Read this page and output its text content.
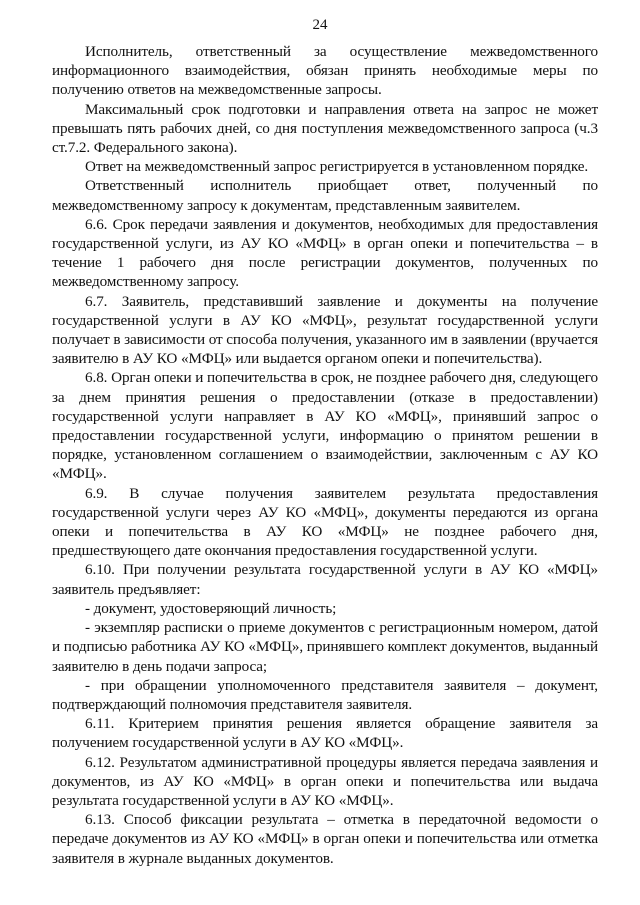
24

Исполнитель, ответственный за осуществление межведомственного информационного взаимодействия, обязан принять необходимые меры по получению ответов на межведомственные запросы.

Максимальный срок подготовки и направления ответа на запрос не может превышать пять рабочих дней, со дня поступления межведомственного запроса (ч.3 ст.7.2. Федерального закона).

Ответ на межведомственный запрос регистрируется в установленном порядке.

Ответственный исполнитель приобщает ответ, полученный по межведомственному запросу к документам, представленным заявителем.

6.6. Срок передачи заявления и документов, необходимых для предоставления государственной услуги, из АУ КО «МФЦ» в орган опеки и попечительства – в течение 1 рабочего дня после регистрации документов, полученных по межведомственному запросу.

6.7. Заявитель, представивший заявление и документы на получение государственной услуги в АУ КО «МФЦ», результат государственной услуги получает в зависимости от способа получения, указанного им в заявлении (вручается заявителю в АУ КО «МФЦ» или выдается органом опеки и попечительства).

6.8. Орган опеки и попечительства в срок, не позднее рабочего дня, следующего за днем принятия решения о предоставлении (отказе в предоставлении) государственной услуги направляет в АУ КО «МФЦ», принявший запрос о предоставлении государственной услуги, информацию о принятом решении в порядке, установленном соглашением о взаимодействии, заключенным с АУ КО «МФЦ».

6.9. В случае получения заявителем результата предоставления государственной услуги через АУ КО «МФЦ», документы передаются из органа опеки и попечительства в АУ КО «МФЦ» не позднее рабочего дня, предшествующего дате окончания предоставления государственной услуги.

6.10. При получении результата государственной услуги в АУ КО «МФЦ» заявитель предъявляет:

- документ, удостоверяющий личность;

- экземпляр расписки о приеме документов с регистрационным номером, датой и подписью работника АУ КО «МФЦ», принявшего комплект документов, выданный заявителю в день подачи запроса;

- при обращении уполномоченного представителя заявителя – документ, подтверждающий полномочия представителя заявителя.

6.11. Критерием принятия решения является обращение заявителя за получением государственной услуги в АУ КО «МФЦ».

6.12. Результатом административной процедуры является передача заявления и документов, из АУ КО «МФЦ» в орган опеки и попечительства или выдача результата государственной услуги в АУ КО «МФЦ».

6.13. Способ фиксации результата – отметка в передаточной ведомости о передаче документов из АУ КО «МФЦ» в орган опеки и попечительства или отметка заявителя в журнале выданных документов.
